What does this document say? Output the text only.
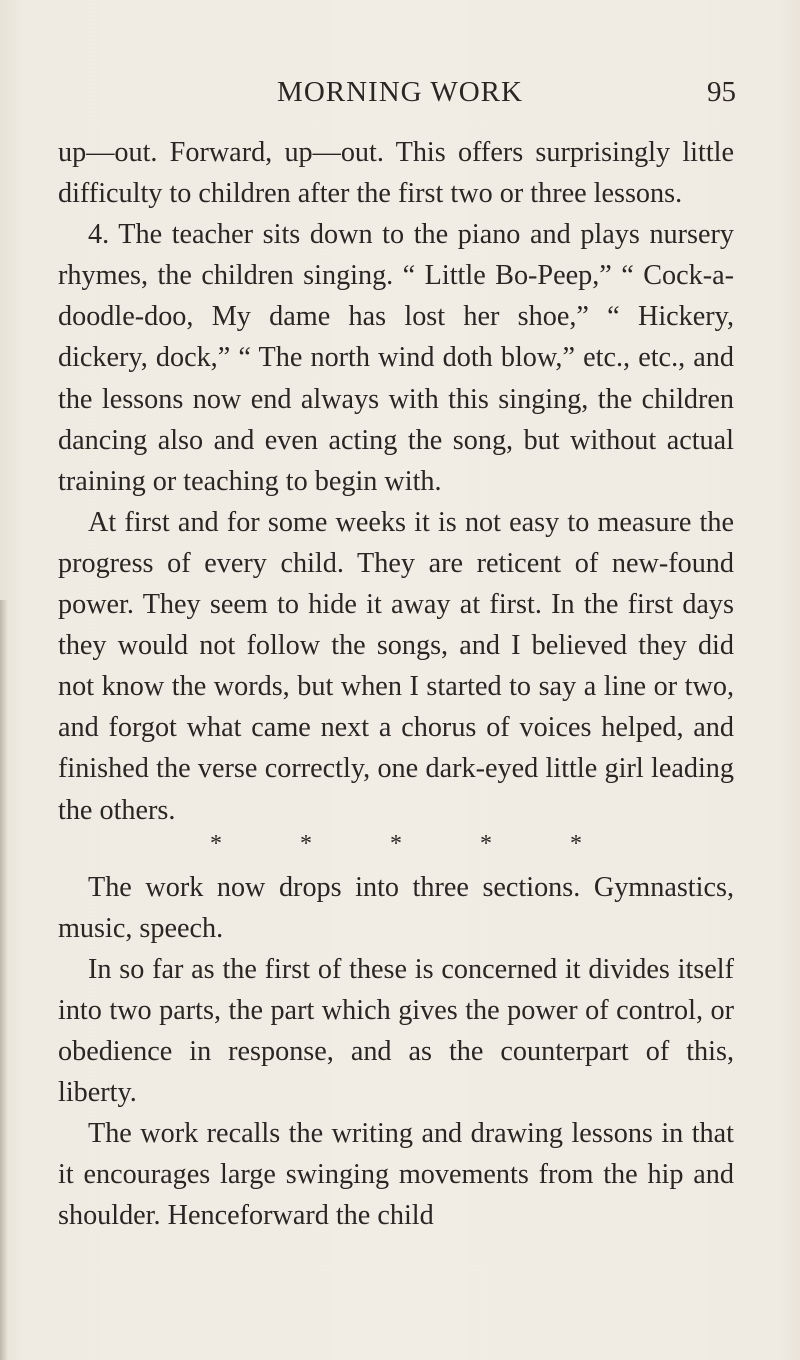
MORNING WORK	95

up—out. Forward, up—out. This offers surprisingly little difficulty to children after the first two or three lessons.

4. The teacher sits down to the piano and plays nursery rhymes, the children singing. “ Little Bo-Peep,” “ Cock-a-doodle-doo, My dame has lost her shoe,” “ Hickery, dickery, dock,” “ The north wind doth blow,” etc., etc., and the lessons now end always with this singing, the children dancing also and even acting the song, but without actual training or teaching to begin with.

At first and for some weeks it is not easy to measure the progress of every child. They are reticent of new-found power. They seem to hide it away at first. In the first days they would not follow the songs, and I believed they did not know the words, but when I started to say a line or two, and forgot what came next a chorus of voices helped, and finished the verse correctly, one dark-eyed little girl leading the others.

* * * * *

The work now drops into three sections. Gymnastics, music, speech.

In so far as the first of these is concerned it divides itself into two parts, the part which gives the power of control, or obedience in response, and as the counterpart of this, liberty.

The work recalls the writing and drawing lessons in that it encourages large swinging movements from the hip and shoulder. Henceforward the child
